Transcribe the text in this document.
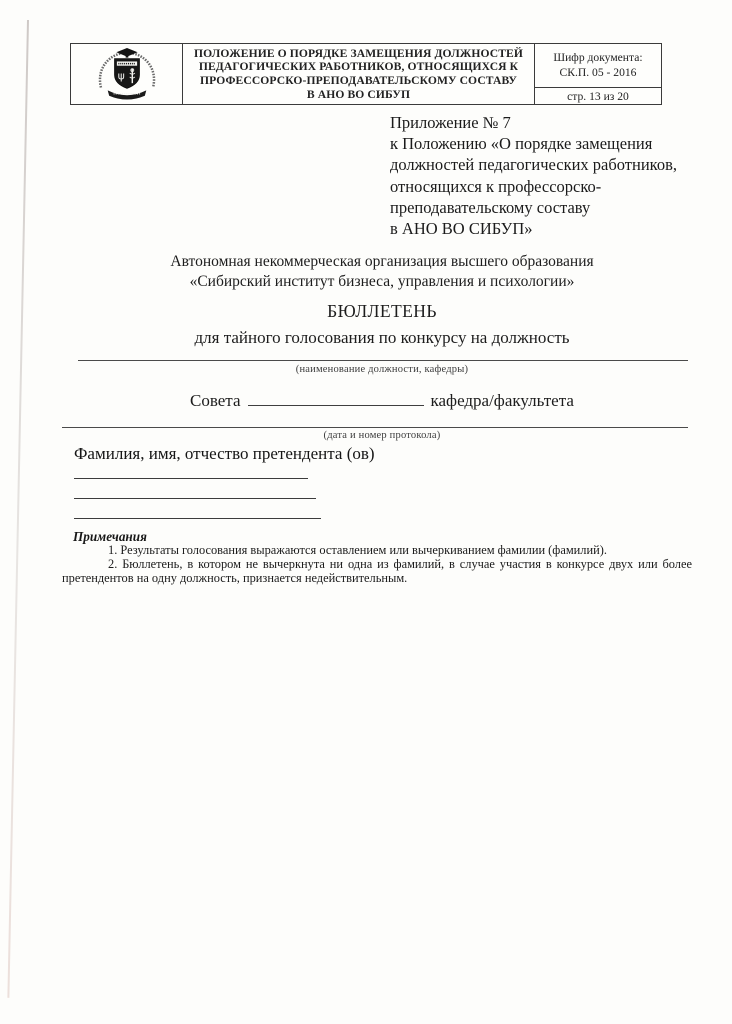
ψ
ПОЛОЖЕНИЕ О ПОРЯДКЕ ЗАМЕЩЕНИЯ ДОЛЖНОСТЕЙ
ПЕДАГОГИЧЕСКИХ РАБОТНИКОВ, ОТНОСЯЩИХСЯ К
ПРОФЕССОРСКО-ПРЕПОДАВАТЕЛЬСКОМУ СОСТАВУ
В АНО ВО СИБУП
Шифр документа:
СК.П. 05 - 2016
стр. 13 из 20
Приложение № 7
к Положению «О порядке замещения
должностей педагогических работников,
относящихся к профессорско-
преподавательскому составу
в АНО ВО СИБУП»
Автономная некоммерческая организация высшего образования
«Сибирский институт бизнеса, управления и психологии»
БЮЛЛЕТЕНЬ
для тайного голосования по конкурсу на должность
(наименование должности, кафедры)
Совета	кафедра/факультета
(дата и номер протокола)
Фамилия, имя, отчество претендента (ов)
Примечания

1. Результаты голосования выражаются оставлением или вычеркиванием фамилии (фамилий).

2. Бюллетень, в котором не вычеркнута ни одна из фамилий, в случае участия в конкурсе двух или более претендентов на одну должность, признается недействительным.
